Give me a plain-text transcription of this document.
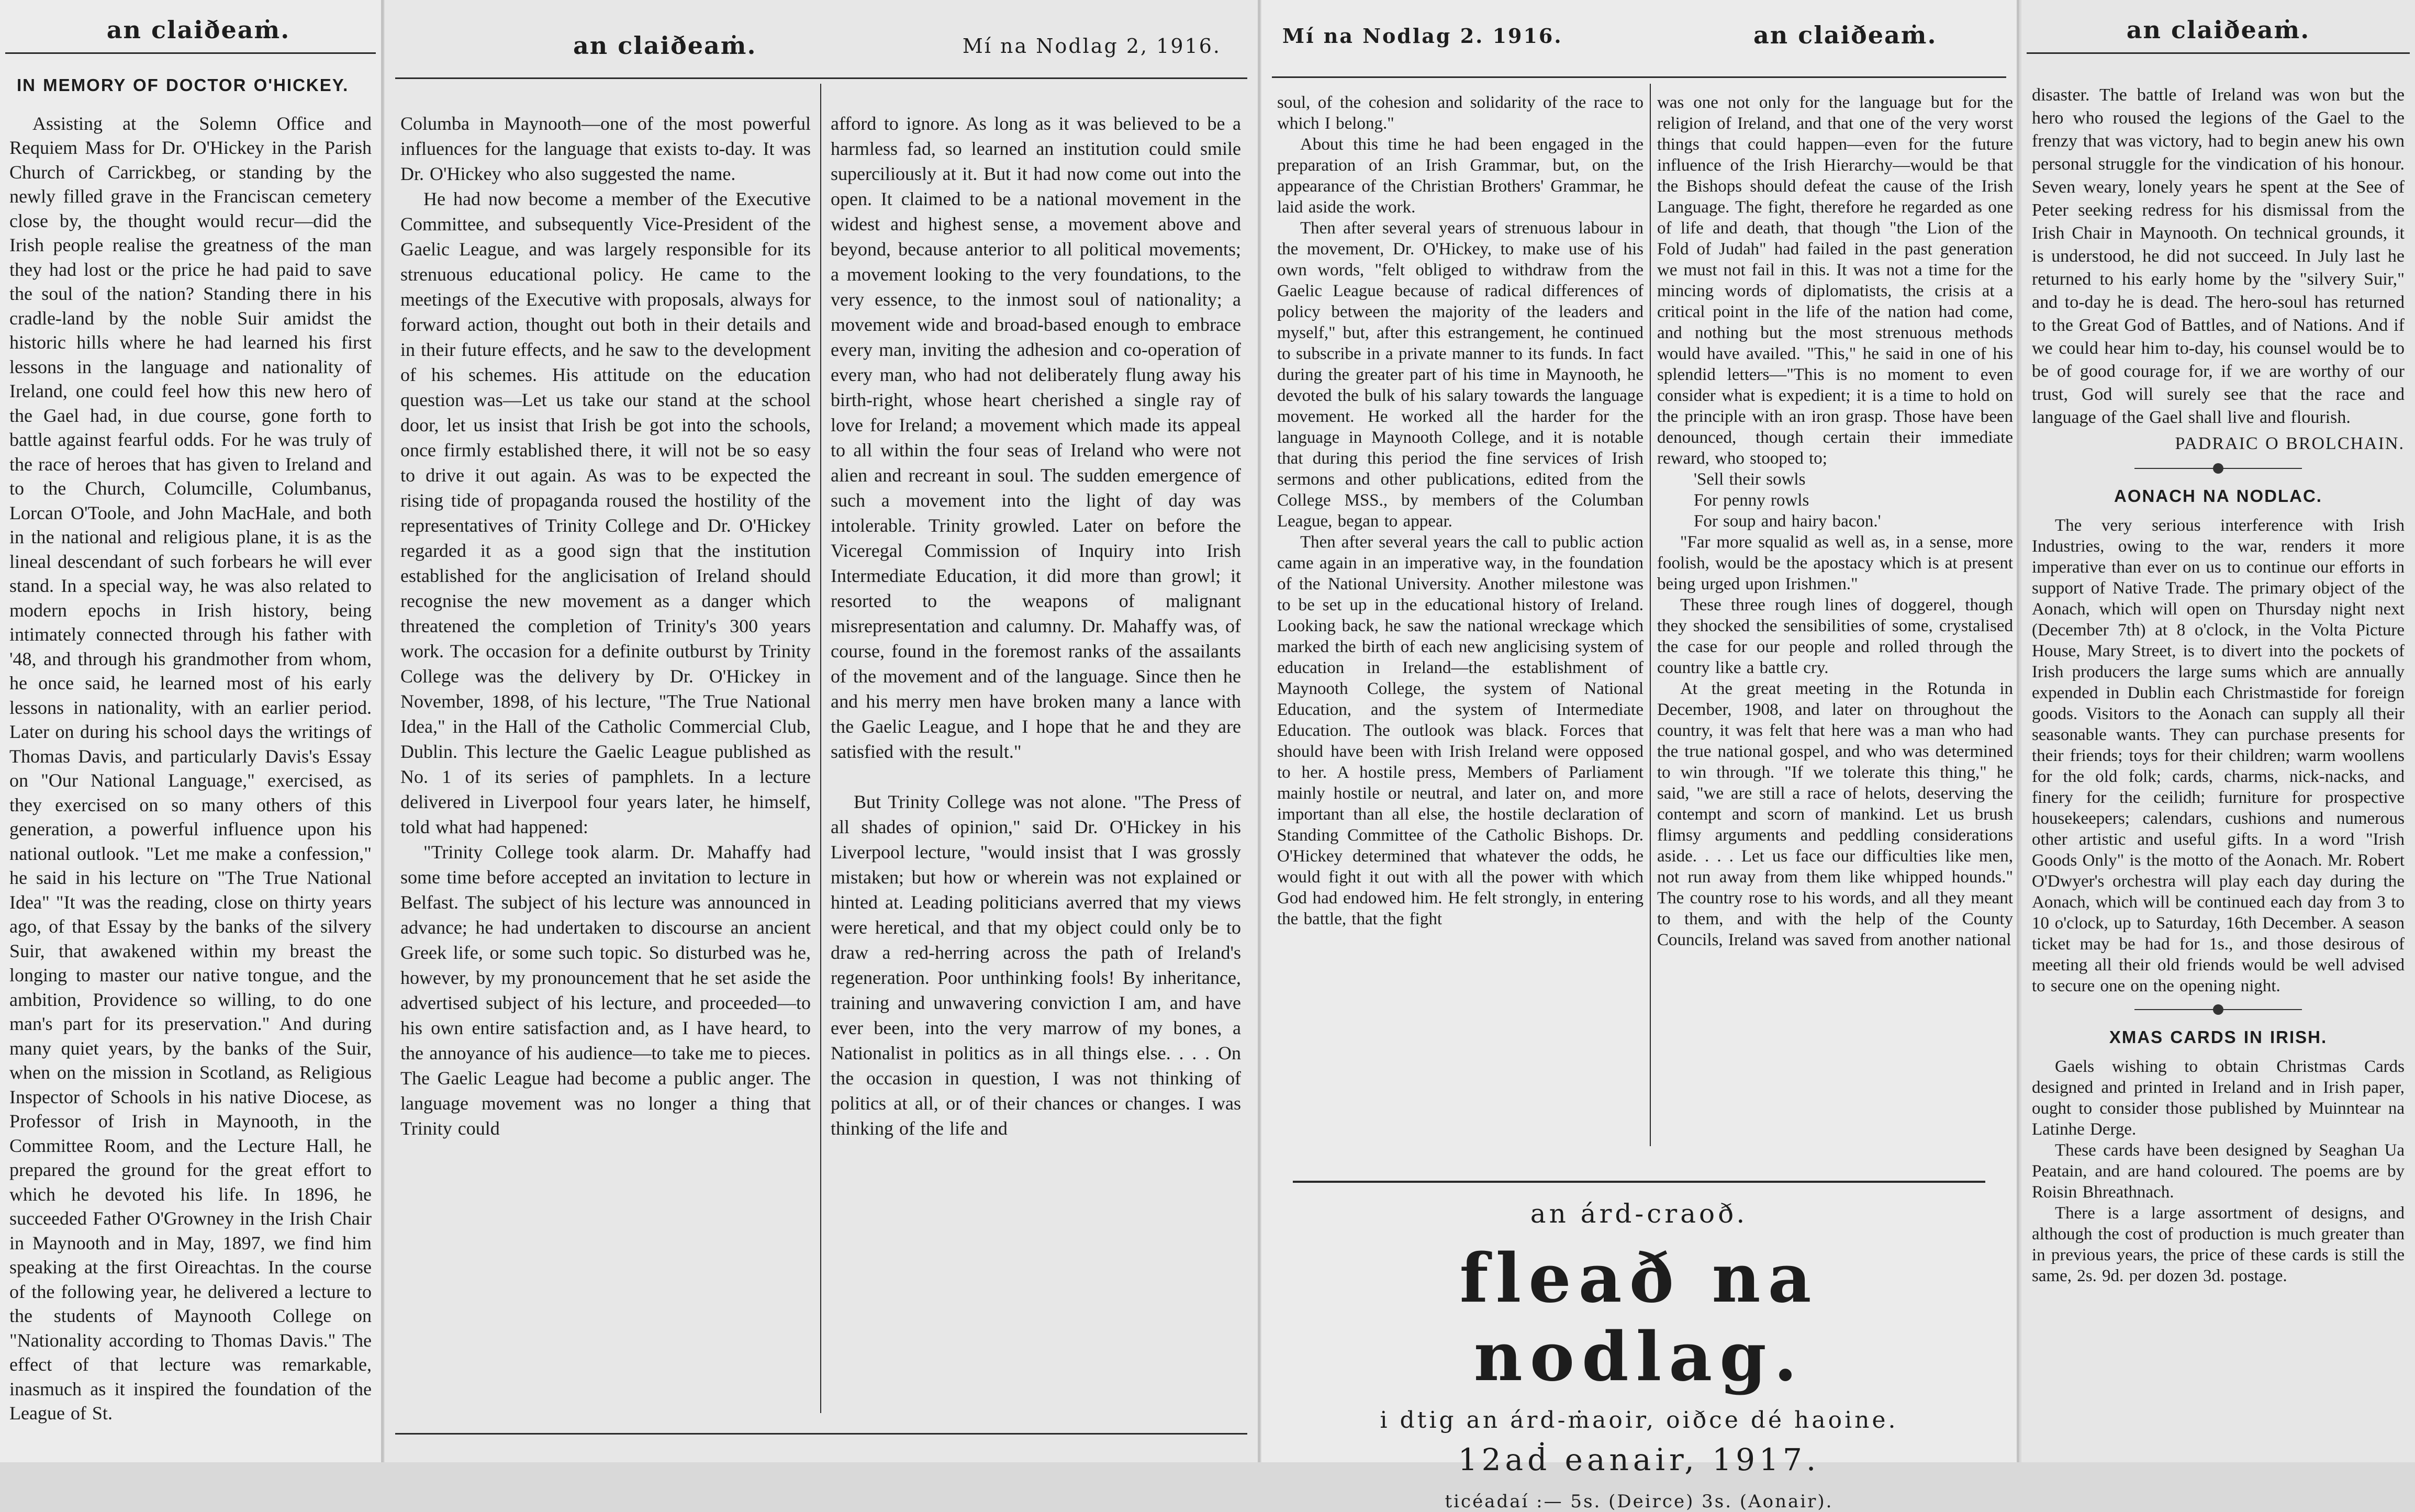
an claiðeaṁ.
IN MEMORY OF DOCTOR O'HICKEY.

Assisting at the Solemn Office and Requiem Mass for Dr. O'Hickey in the Parish Church of Carrickbeg, or standing by the newly filled grave in the Franciscan cemetery close by, the thought would recur—did the Irish people realise the greatness of the man they had lost or the price he had paid to save the soul of the nation? Standing there in his cradle-land by the noble Suir amidst the historic hills where he had learned his first lessons in the language and nationality of Ireland, one could feel how this new hero of the Gael had, in due course, gone forth to battle against fearful odds. For he was truly of the race of heroes that has given to Ireland and to the Church, Columcille, Columbanus, Lorcan O'Toole, and John MacHale, and both in the national and religious plane, it is as the lineal descendant of such forbears he will ever stand. In a special way, he was also related to modern epochs in Irish history, being intimately connected through his father with '48, and through his grandmother from whom, he once said, he learned most of his early lessons in nationality, with an earlier period. Later on during his school days the writings of Thomas Davis, and particularly Davis's Essay on "Our National Language," exercised, as they exercised on so many others of this generation, a powerful influence upon his national outlook. "Let me make a confession," he said in his lecture on "The True National Idea" "It was the reading, close on thirty years ago, of that Essay by the banks of the silvery Suir, that awakened within my breast the longing to master our native tongue, and the ambition, Providence so willing, to do one man's part for its preservation." And during many quiet years, by the banks of the Suir, when on the mission in Scotland, as Religious Inspector of Schools in his native Diocese, as Professor of Irish in Maynooth, in the Committee Room, and the Lecture Hall, he prepared the ground for the great effort to which he devoted his life. In 1896, he succeeded Father O'Growney in the Irish Chair in Maynooth and in May, 1897, we find him speaking at the first Oireachtas. In the course of the following year, he delivered a lecture to the students of Maynooth College on "Nationality according to Thomas Davis." The effect of that lecture was remarkable, inasmuch as it inspired the foundation of the League of St.

an claiðeaṁ.	Mí na Nodlag 2, 1916.

Columba in Maynooth—one of the most powerful influences for the language that exists to-day. It was Dr. O'Hickey who also suggested the name.

He had now become a member of the Executive Committee, and subsequently Vice-President of the Gaelic League, and was largely responsible for its strenuous educational policy. He came to the meetings of the Executive with proposals, always for forward action, thought out both in their details and in their future effects, and he saw to the development of his schemes. His attitude on the education question was—Let us take our stand at the school door, let us insist that Irish be got into the schools, once firmly established there, it will not be so easy to drive it out again. As was to be expected the rising tide of propaganda roused the hostility of the representatives of Trinity College and Dr. O'Hickey regarded it as a good sign that the institution established for the anglicisation of Ireland should recognise the new movement as a danger which threatened the completion of Trinity's 300 years work. The occasion for a definite outburst by Trinity College was the delivery by Dr. O'Hickey in November, 1898, of his lecture, "The True National Idea," in the Hall of the Catholic Commercial Club, Dublin. This lecture the Gaelic League published as No. 1 of its series of pamphlets. In a lecture delivered in Liverpool four years later, he himself, told what had happened:

"Trinity College took alarm. Dr. Mahaffy had some time before accepted an invitation to lecture in Belfast. The subject of his lecture was announced in advance; he had undertaken to discourse an ancient Greek life, or some such topic. So disturbed was he, however, by my pronouncement that he set aside the advertised subject of his lecture, and proceeded—to his own entire satisfaction and, as I have heard, to the annoyance of his audience—to take me to pieces. The Gaelic League had become a public anger. The language movement was no longer a thing that Trinity could

afford to ignore. As long as it was believed to be a harmless fad, so learned an institution could smile superciliously at it. But it had now come out into the open. It claimed to be a national movement in the widest and highest sense, a movement above and beyond, because anterior to all political movements; a movement looking to the very foundations, to the very essence, to the inmost soul of nationality; a movement wide and broad-based enough to embrace every man, inviting the adhesion and co-operation of every man, who had not deliberately flung away his birth-right, whose heart cherished a single ray of love for Ireland; a movement which made its appeal to all within the four seas of Ireland who were not alien and recreant in soul. The sudden emergence of such a movement into the light of day was intolerable. Trinity growled. Later on before the Viceregal Commission of Inquiry into Irish Intermediate Education, it did more than growl; it resorted to the weapons of malignant misrepresentation and calumny. Dr. Mahaffy was, of course, found in the foremost ranks of the assailants of the movement and of the language. Since then he and his merry men have broken many a lance with the Gaelic League, and I hope that he and they are satisfied with the result."

But Trinity College was not alone. "The Press of all shades of opinion," said Dr. O'Hickey in his Liverpool lecture, "would insist that I was grossly mistaken; but how or wherein was not explained or hinted at. Leading politicians averred that my views were heretical, and that my object could only be to draw a red-herring across the path of Ireland's regeneration. Poor unthinking fools! By inheritance, training and unwavering conviction I am, and have ever been, into the very marrow of my bones, a Nationalist in politics as in all things else. . . . On the occasion in question, I was not thinking of politics at all, or of their chances or changes. I was thinking of the life and

Mí na Nodlag 2. 1916.	an claiðeaṁ.

soul, of the cohesion and solidarity of the race to which I belong."

About this time he had been engaged in the preparation of an Irish Grammar, but, on the appearance of the Christian Brothers' Grammar, he laid aside the work.

Then after several years of strenuous labour in the movement, Dr. O'Hickey, to make use of his own words, "felt obliged to withdraw from the Gaelic League because of radical differences of policy between the majority of the leaders and myself," but, after this estrangement, he continued to subscribe in a private manner to its funds. In fact during the greater part of his time in Maynooth, he devoted the bulk of his salary towards the language movement. He worked all the harder for the language in Maynooth College, and it is notable that during this period the fine services of Irish sermons and other publications, edited from the College MSS., by members of the Columban League, began to appear.

Then after several years the call to public action came again in an imperative way, in the foundation of the National University. Another milestone was to be set up in the educational history of Ireland. Looking back, he saw the national wreckage which marked the birth of each new anglicising system of education in Ireland—the establishment of Maynooth College, the system of National Education, and the system of Intermediate Education. The outlook was black. Forces that should have been with Irish Ireland were opposed to her. A hostile press, Members of Parliament mainly hostile or neutral, and later on, and more important than all else, the hostile declaration of Standing Committee of the Catholic Bishops. Dr. O'Hickey determined that whatever the odds, he would fight it out with all the power with which God had endowed him. He felt strongly, in entering the battle, that the fight

was one not only for the language but for the religion of Ireland, and that one of the very worst things that could happen—even for the future influence of the Irish Hierarchy—would be that the Bishops should defeat the cause of the Irish Language. The fight, therefore he regarded as one of life and death, that though "the Lion of the Fold of Judah" had failed in the past generation we must not fail in this. It was not a time for the mincing words of diplomatists, the crisis at a critical point in the life of the nation had come, and nothing but the most strenuous methods would have availed. "This," he said in one of his splendid letters—"This is no moment to even consider what is expedient; it is a time to hold on the principle with an iron grasp. Those have been denounced, though certain their immediate reward, who stooped to;

'Sell their sowls
For penny rowls
For soup and hairy bacon.'

"Far more squalid as well as, in a sense, more foolish, would be the apostacy which is at present being urged upon Irishmen."

These three rough lines of doggerel, though they shocked the sensibilities of some, crystalised the case for our people and rolled through the country like a battle cry.

At the great meeting in the Rotunda in December, 1908, and later on throughout the country, it was felt that here was a man who had the true national gospel, and who was determined to win through. "If we tolerate this thing," he said, "we are still a race of helots, deserving the contempt and scorn of mankind. Let us brush flimsy arguments and peddling considerations aside. . . . Let us face our difficulties like men, not run away from them like whipped hounds." The country rose to his words, and all they meant to them, and with the help of the County Councils, Ireland was saved from another national

an árd-craoð.
fleað na nodlag.
i dtig an árd-ṁaoir, oiðce dé haoine.
12aḋ eanair, 1917.
ticéadaí :— 5s. (Deirce) 3s. (Aonair).
an claiðeaṁ.

disaster. The battle of Ireland was won but the hero who roused the legions of the Gael to the frenzy that was victory, had to begin anew his own personal struggle for the vindication of his honour. Seven weary, lonely years he spent at the See of Peter seeking redress for his dismissal from the Irish Chair in Maynooth. On technical grounds, it is understood, he did not succeed. In July last he returned to his early home by the "silvery Suir," and to-day he is dead. The hero-soul has returned to the Great God of Battles, and of Nations. And if we could hear him to-day, his counsel would be to be of good courage for, if we are worthy of our trust, God will surely see that the race and language of the Gael shall live and flourish.

PADRAIC O BROLCHAIN.
AONACH NA NODLAC.

The very serious interference with Irish Industries, owing to the war, renders it more imperative than ever on us to continue our efforts in support of Native Trade. The primary object of the Aonach, which will open on Thursday night next (December 7th) at 8 o'clock, in the Volta Picture House, Mary Street, is to divert into the pockets of Irish producers the large sums which are annually expended in Dublin each Christmastide for foreign goods. Visitors to the Aonach can supply all their seasonable wants. They can purchase presents for their friends; toys for their children; warm woollens for the old folk; cards, charms, nick-nacks, and finery for the ceilidh; furniture for prospective housekeepers; calendars, cushions and numerous other artistic and useful gifts. In a word "Irish Goods Only" is the motto of the Aonach. Mr. Robert O'Dwyer's orchestra will play each day during the Aonach, which will be continued each day from 3 to 10 o'clock, up to Saturday, 16th December. A season ticket may be had for 1s., and those desirous of meeting all their old friends would be well advised to secure one on the opening night.

XMAS CARDS IN IRISH.

Gaels wishing to obtain Christmas Cards designed and printed in Ireland and in Irish paper, ought to consider those published by Muinntear na Latinhe Derge.

These cards have been designed by Seaghan Ua Peatain, and are hand coloured. The poems are by Roisin Bhreathnach.

There is a large assortment of designs, and although the cost of production is much greater than in previous years, the price of these cards is still the same, 2s. 9d. per dozen 3d. postage.
